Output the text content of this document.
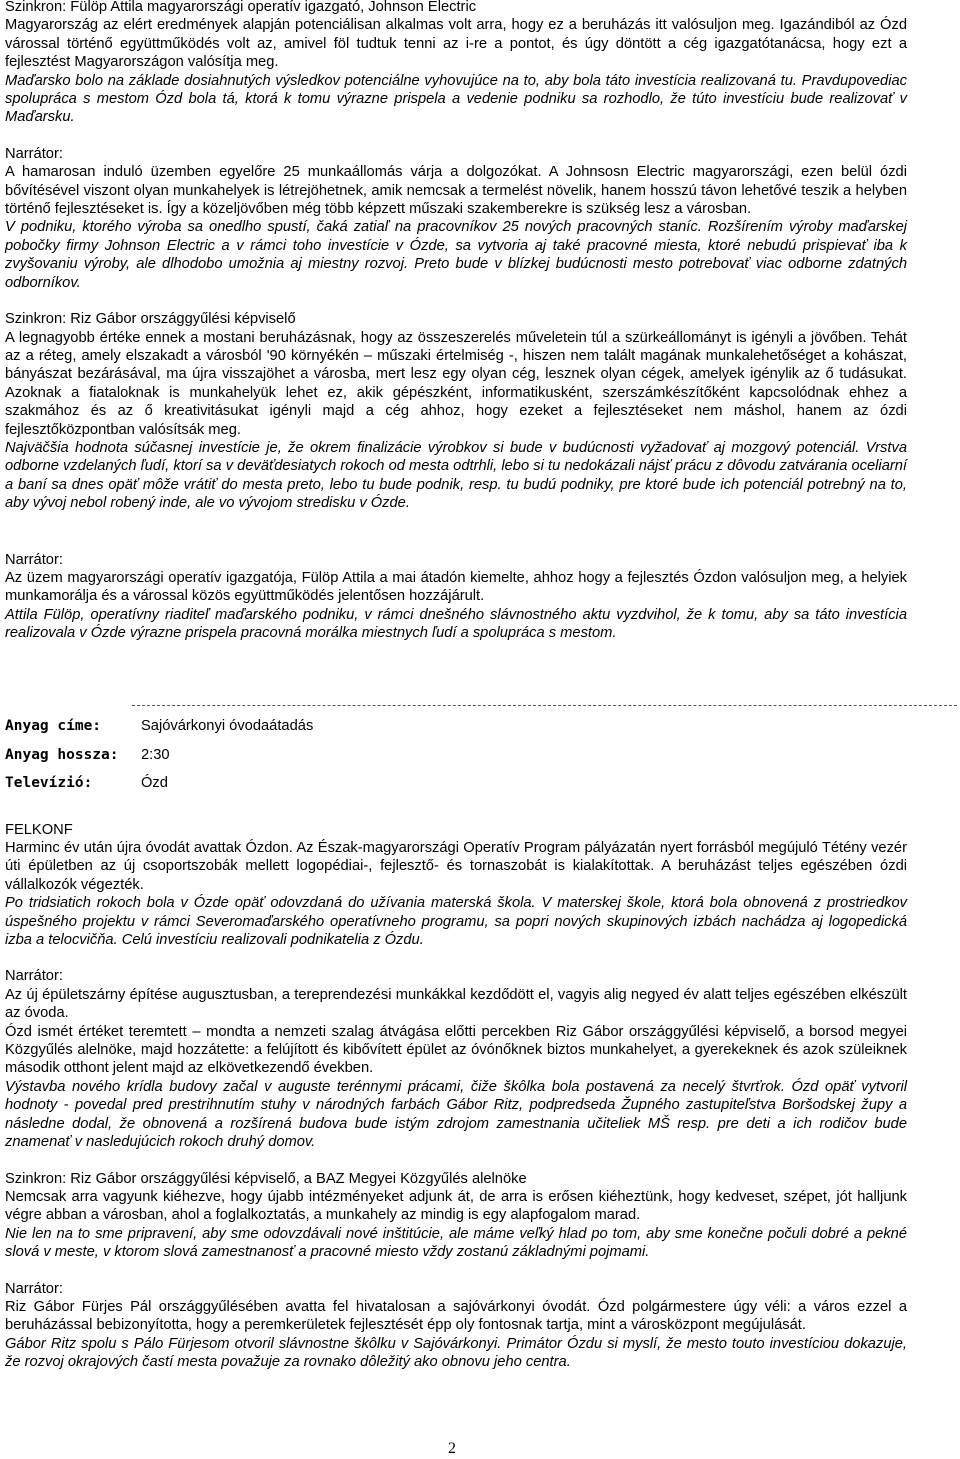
Szinkron: Fülöp Attila magyarországi operatív igazgató, Johnson Electric

Magyarország az elért eredmények alapján potenciálisan alkalmas volt arra, hogy ez a beruházás itt valósuljon meg. Igazándiból az Ózd várossal történő együttműködés volt az, amivel föl tudtuk tenni az i-re a pontot, és úgy döntött a cég igazgatótanácsa, hogy ezt a fejlesztést Magyarországon valósítja meg.

Maďarsko bolo na základe dosiahnutých výsledkov potenciálne vyhovujúce na to, aby bola táto investícia realizovaná tu. Pravdupovediac spolupráca s mestom Ózd bola tá, ktorá k tomu výrazne prispela a vedenie podniku sa rozhodlo, že túto investíciu bude realizovať v Maďarsku.

Narrátor:

A hamarosan induló üzemben egyelőre 25 munkaállomás várja a dolgozókat. A Johnsosn Electric magyarországi, ezen belül ózdi bővítésével viszont olyan munkahelyek is létrejöhetnek, amik nemcsak a termelést növelik, hanem hosszú távon lehetővé teszik a helyben történő fejlesztéseket is. Így a közeljövőben még több képzett műszaki szakemberekre is szükség lesz a városban.

V podniku, ktorého výroba sa onedlho spustí, čaká zatiaľ na pracovníkov 25 nových pracovných staníc. Rozšírením výroby maďarskej pobočky firmy Johnson Electric a v rámci toho investície v Ózde, sa vytvoria aj také pracovné miesta, ktoré nebudú prispievať iba k zvyšovaniu výroby, ale dlhodobo umožnia aj miestny rozvoj. Preto bude v blízkej budúcnosti mesto potrebovať viac odborne zdatných odborníkov.

Szinkron: Riz Gábor országgyűlési képviselő

A legnagyobb értéke ennek a mostani beruházásnak, hogy az összeszerelés műveletein túl a szürkeállományt is igényli a jövőben. Tehát az a réteg, amely elszakadt a városból '90 környékén – műszaki értelmiség -, hiszen nem talált magának munkalehetőséget a kohászat, bányászat bezárásával, ma újra visszajöhet a városba, mert lesz egy olyan cég, lesznek olyan cégek, amelyek igénylik az ő tudásukat. Azoknak a fiataloknak is munkahelyük lehet ez, akik gépészként, informatikusként, szerszámkészítőként kapcsolódnak ehhez a szakmához és az ő kreativitásukat igényli majd a cég ahhoz, hogy ezeket a fejlesztéseket nem máshol, hanem az ózdi fejlesztőközpontban valósítsák meg.

Najväčšia hodnota súčasnej investície je, že okrem finalizácie výrobkov si bude v budúcnosti vyžadovať aj mozgový potenciál. Vrstva odborne vzdelaných ľudí, ktorí sa v deväťdesiatych rokoch od mesta odtrhli, lebo si tu nedokázali nájsť prácu z dôvodu zatvárania oceliarní a baní sa dnes opäť môže vrátiť do mesta preto, lebo tu bude podnik, resp. tu budú podniky, pre ktoré bude ich potenciál potrebný na to, aby vývoj nebol robený inde, ale vo vývojom stredisku v Ózde.

Narrátor:

Az üzem magyarországi operatív igazgatója, Fülöp Attila a mai átadón kiemelte, ahhoz hogy a fejlesztés Ózdon valósuljon meg, a helyiek munkamorálja és a várossal közös együttműködés jelentősen hozzájárult.

Attila Fülöp, operatívny riaditeľ maďarského podniku, v rámci dnešného slávnostného aktu vyzdvihol, že k tomu, aby sa táto investícia realizovala v Ózde výrazne prispela pracovná morálka miestnych ľudí a spolupráca s mestom.

Anyag címe:	Sajóvárkonyi óvodaátadás
Anyag hossza: 2:30
Televízió:	Ózd

FELKONF

Harminc év után újra óvodát avattak Ózdon. Az Észak-magyarországi Operatív Program pályázatán nyert forrásból megújuló Tétény vezér úti épületben az új csoportszobák mellett logopédiai-, fejlesztő- és tornaszobát is kialakítottak. A beruházást teljes egészében ózdi vállalkozók végezték.

Po tridsiatich rokoch bola v Ózde opäť odovzdaná do užívania materská škola. V materskej škole, ktorá bola obnovená z prostriedkov úspešného projektu v rámci Severomaďarského operatívneho programu, sa popri nových skupinových izbách nachádza aj logopedická izba a telocvičňa. Celú investíciu realizovali podnikatelia z Ózdu.

Narrátor:

Az új épületszárny építése augusztusban, a tereprendezési munkákkal kezdődött el, vagyis alig negyed év alatt teljes egészében elkészült az óvoda.

Ózd ismét értéket teremtett – mondta a nemzeti szalag átvágása előtti percekben Riz Gábor országgyűlési képviselő, a borsod megyei Közgyűlés alelnöke, majd hozzátette: a felújított és kibővített épület az óvónőknek biztos munkahelyet, a gyerekeknek és azok szüleiknek második otthont jelent majd az elkövetkezendő években.

Výstavba nového krídla budovy začal v auguste terénnymi prácami, čiže škôlka bola postavená za necelý štvrťrok. Ózd opäť vytvoril hodnoty - povedal pred prestrihnutím stuhy v národných farbách Gábor Ritz, podpredseda Župného zastupiteľstva Boršodskej župy a následne dodal, že obnovená a rozšírená budova bude istým zdrojom zamestnania učiteliek MŠ resp. pre deti a ich rodičov bude znamenať v nasledujúcich rokoch druhý domov.

Szinkron: Riz Gábor országgyűlési képviselő, a BAZ Megyei Közgyűlés alelnöke

Nemcsak arra vagyunk kiéhezve, hogy újabb intézményeket adjunk át, de arra is erősen kiéheztünk, hogy kedveset, szépet, jót halljunk végre abban a városban, ahol a foglalkoztatás, a munkahely az mindig is egy alapfogalom marad.

Nie len na to sme pripravení, aby sme odovzdávali nové inštitúcie, ale máme veľký hlad po tom, aby sme konečne počuli dobré a pekné slová v meste, v ktorom slová zamestnanosť a pracovné miesto vždy zostanú základnými pojmami.

Narrátor:

Riz Gábor Fürjes Pál országgyűlésében avatta fel hivatalosan a sajóvárkonyi óvodát. Ózd polgármestere úgy véli: a város ezzel a beruházással bebizonyította, hogy a peremkerületek fejlesztését épp oly fontosnak tartja, mint a városközpont megújulását.

Gábor Ritz spolu s Pálo Fürjesom otvoril slávnostne škôlku v Sajóvárkonyi. Primátor Ózdu si myslí, že mesto touto investíciou dokazuje, že rozvoj okrajových častí mesta považuje za rovnako dôležitý ako obnovu jeho centra.

2
